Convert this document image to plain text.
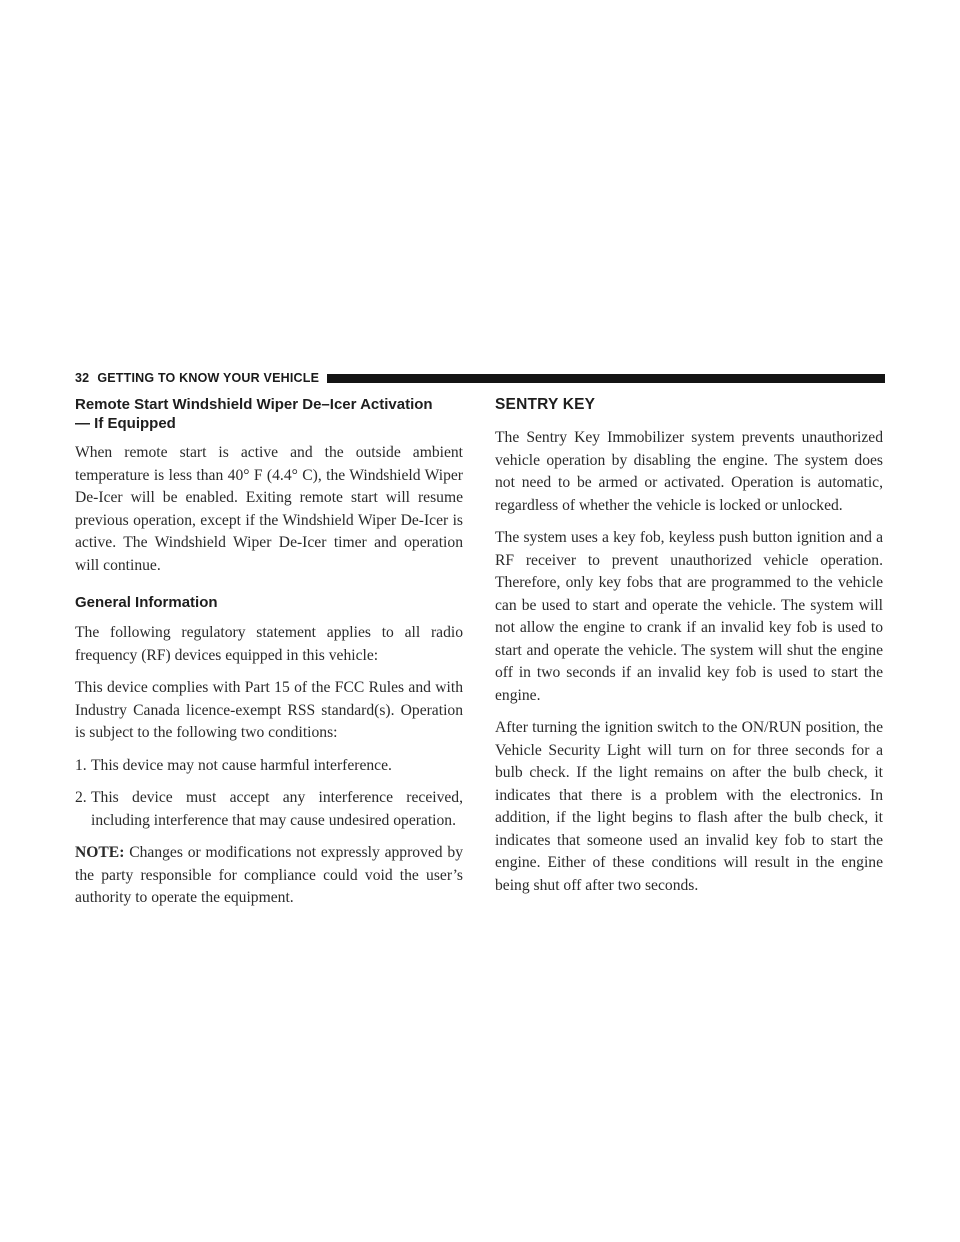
32 GETTING TO KNOW YOUR VEHICLE
Remote Start Windshield Wiper De–Icer Activation
— If Equipped

When remote start is active and the outside ambient temperature is less than 40° F (4.4° C), the Windshield Wiper De-Icer will be enabled. Exiting remote start will resume previous operation, except if the Windshield Wiper De-Icer is active. The Windshield Wiper De-Icer timer and operation will continue.

General Information

The following regulatory statement applies to all radio frequency (RF) devices equipped in this vehicle:

This device complies with Part 15 of the FCC Rules and with Industry Canada licence-exempt RSS standard(s). Operation is subject to the following two conditions:

1. This device may not cause harmful interference.
2. This device must accept any interference received, including interference that may cause undesired operation.

NOTE: Changes or modifications not expressly approved by the party responsible for compliance could void the user’s authority to operate the equipment.

SENTRY KEY

The Sentry Key Immobilizer system prevents unauthorized vehicle operation by disabling the engine. The system does not need to be armed or activated. Operation is automatic, regardless of whether the vehicle is locked or unlocked.

The system uses a key fob, keyless push button ignition and a RF receiver to prevent unauthorized vehicle operation. Therefore, only key fobs that are programmed to the vehicle can be used to start and operate the vehicle. The system will not allow the engine to crank if an invalid key fob is used to start and operate the vehicle. The system will shut the engine off in two seconds if an invalid key fob is used to start the engine.

After turning the ignition switch to the ON/RUN position, the Vehicle Security Light will turn on for three seconds for a bulb check. If the light remains on after the bulb check, it indicates that there is a problem with the electronics. In addition, if the light begins to flash after the bulb check, it indicates that someone used an invalid key fob to start the engine. Either of these conditions will result in the engine being shut off after two seconds.
